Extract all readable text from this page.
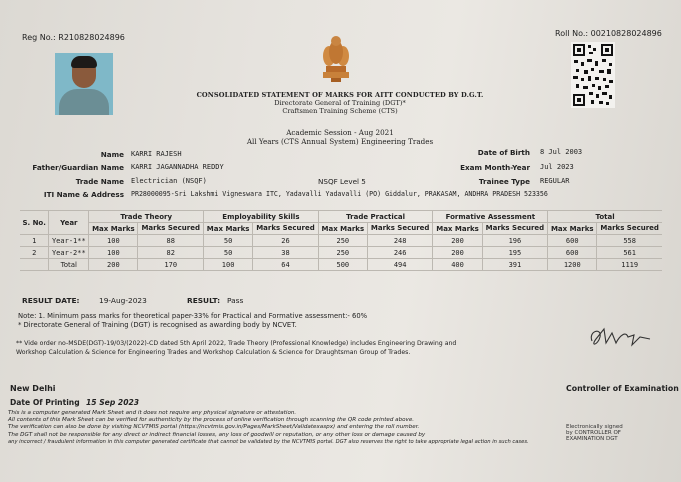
Reg No.: R210828024896	Roll No.: 00210828024896
CONSOLIDATED STATEMENT OF MARKS FOR AITT CONDUCTED BY D.G.T.
Directorate General of Training (DGT)*
Craftsmen Training Scheme (CTS)
Academic Session - Aug 2021
All Years (CTS Annual System) Engineering Trades
Name KARRI RAJESH
Father/Guardian Name KARRI JAGANNADHA REDDY
Trade Name Electrician (NSQF)	NSQF Level 5
ITI Name & Address PR28000095-Sri Lakshmi Vigneswara ITC, Yadavalli Yadavalli (PO) Giddalur, PRAKASAM, ANDHRA PRADESH 523356
Date of Birth 8 Jul 2003
Exam Month-Year Jul 2023
Trainee Type REGULAR
S. No.	Year	Trade Theory		Employability Skills		Trade Practical		Formative Assessment		Total	
		Max Marks	Marks Secured	Max Marks	Marks Secured	Max Marks	Marks Secured	Max Marks	Marks Secured	Max Marks	Marks Secured
1	Year-1**	100	88	50	26	250	248	200	196	600	558
2	Year-2**	100	82	50	38	250	246	200	195	600	561
	Total	200	170	100	64	500	494	400	391	1200	1119
RESULT DATE:	19-Aug-2023	RESULT: Pass
Note: 1. Minimum pass marks for theoretical paper-33% for Practical and Formative assessment:- 60%
* Directorate General of Training (DGT) is recognised as awarding body by NCVET.
** Vide order no-MSDE(DGT)-19/03/(2022)-CD dated 5th April 2022, Trade Theory (Professional Knowledge) includes Engineering Drawing and
Workshop Calculation & Science for Engineering Trades and Workshop Calculation & Science for Draughtsman Group of Trades.
New Delhi
Date Of Printing 15 Sep 2023
Controller of Examination
This is a computer generated Mark Sheet and it does not require any physical signature or attestation.
All contents of this Mark Sheet can be verified for authenticity by the process of online verification through scanning the QR code printed above.
The verification can also be done by visiting NCVTMIS portal (https://ncvtmis.gov.in/Pages/MarkSheet/Validatexaspx) and entering the roll number.
The DGT shall not be responsible for any direct or indirect financial losses, any loss of goodwill or reputation, or any other loss or damage caused by
any incorrect / fraudulent information in this computer generated certificate that cannot be validated by the NCVTMIS portal. DGT also reserves the right to take appropriate legal action in such cases.
Electronically signed by CONTROLLER OF EXAMINATION DGT
